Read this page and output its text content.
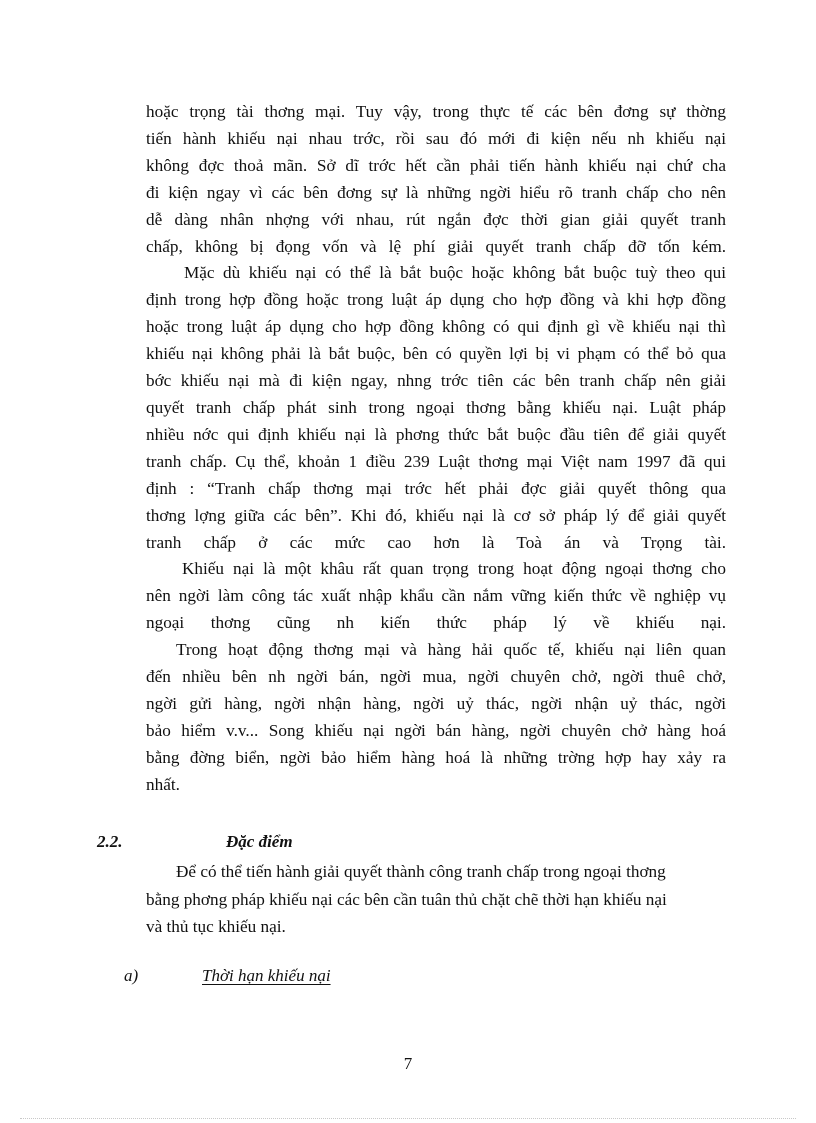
hoặc trọng tài thơng mại. Tuy vậy, trong thực tế các bên đơng sự thờng
tiến hành khiếu nại nhau trớc, rồi sau đó mới đi kiện nếu nh khiếu nại
không đợc thoả mãn. Sở dĩ trớc hết cần phải tiến hành khiếu nại chứ cha
đi kiện ngay vì các bên đơng sự là những ngời hiểu rõ tranh chấp cho nên
dễ dàng nhân nhợng với nhau, rút ngắn đợc thời gian giải quyết tranh
chấp, không bị đọng vốn và lệ phí giải quyết tranh chấp đỡ tốn kém.

Mặc dù khiếu nại có thể là bắt buộc hoặc không bắt buộc tuỳ theo qui
định trong hợp đồng hoặc trong luật áp dụng cho hợp đồng và khi hợp đồng
hoặc trong luật áp dụng cho hợp đồng không có qui định gì về khiếu nại thì
khiếu nại không phải là bắt buộc, bên có quyền lợi bị vi phạm có thể bỏ qua
bớc khiếu nại mà đi kiện ngay, nhng trớc tiên các bên tranh chấp nên giải
quyết tranh chấp phát sinh trong ngoại thơng bằng khiếu nại. Luật pháp
nhiều nớc qui định khiếu nại là phơng thức bắt buộc đầu tiên để giải quyết
tranh chấp. Cụ thể, khoản 1 điều 239 Luật thơng mại Việt nam 1997 đã qui
định : “Tranh chấp thơng mại trớc hết phải đợc giải quyết thông qua
thơng lợng giữa các bên”. Khi đó, khiếu nại là cơ sở pháp lý để giải quyết
tranh chấp ở các mức cao hơn là Toà án và Trọng tài.

Khiếu nại là một khâu rất quan trọng trong hoạt động ngoại thơng cho
nên ngời làm công tác xuất nhập khẩu cần nắm vững kiến thức về nghiệp vụ
ngoại thơng cũng nh kiến thức pháp lý về khiếu nại.

Trong hoạt động thơng mại và hàng hải quốc tế, khiếu nại liên quan
đến nhiều bên nh ngời bán, ngời mua, ngời chuyên chở, ngời thuê chở,
ngời gửi hàng, ngời nhận hàng, ngời uỷ thác, ngời nhận uỷ thác, ngời
bảo hiểm v.v... Song khiếu nại ngời bán hàng, ngời chuyên chở hàng hoá
bằng đờng biển, ngời bảo hiểm hàng hoá là những trờng hợp hay xảy ra
nhất.

2.2.	Đặc điểm
Để có thể tiến hành giải quyết thành công tranh chấp trong ngoại thơng
bằng phơng pháp khiếu nại các bên cần tuân thủ chặt chẽ thời hạn khiếu nại
và thủ tục khiếu nại.
a)	Thời hạn khiếu nại
7
